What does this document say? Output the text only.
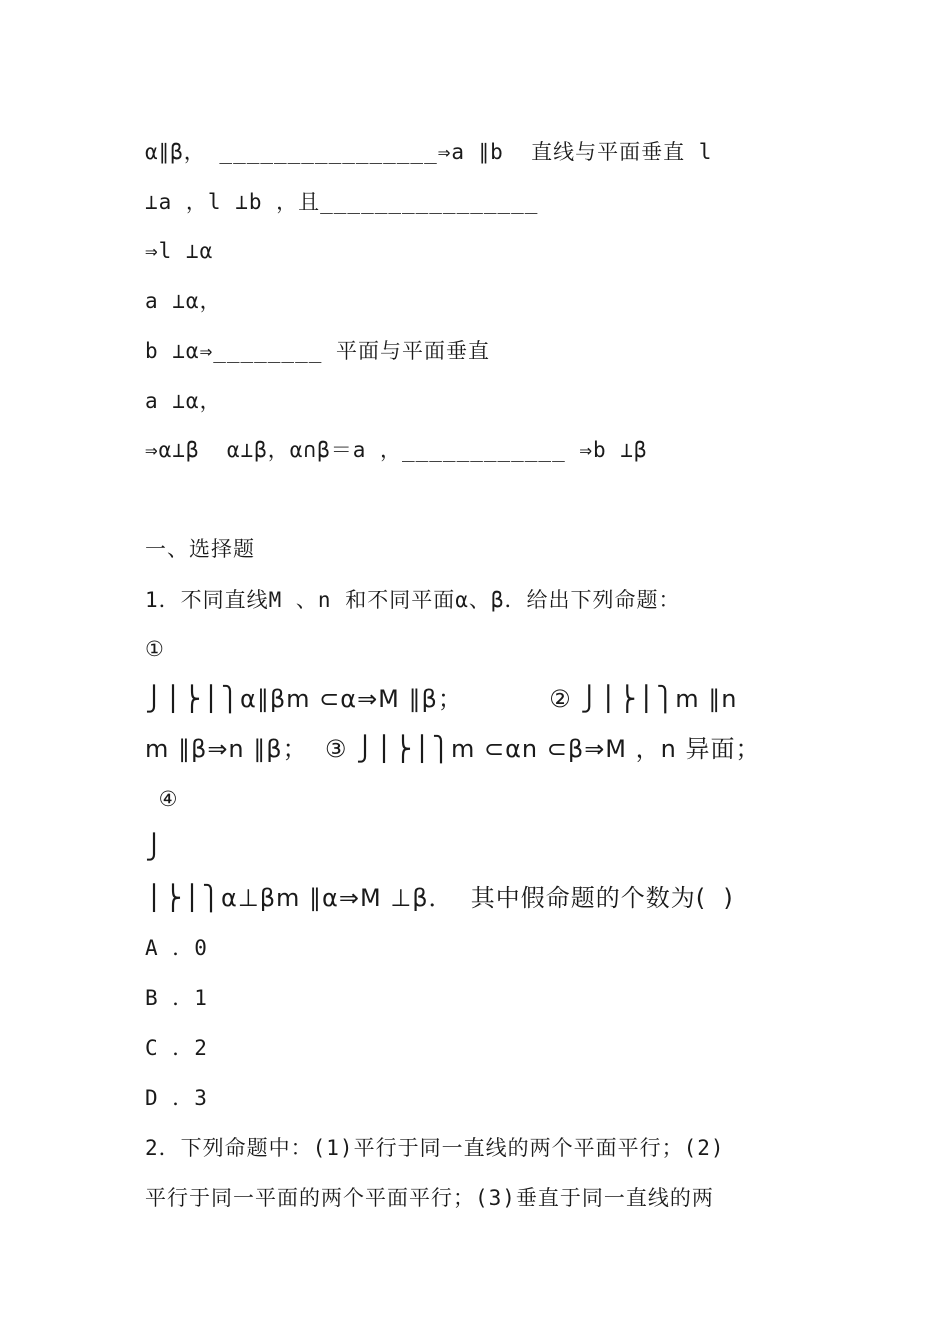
α∥β， ________________⇒a ∥b  直线与平面垂直 l
⊥a ，l ⊥b ，且________________
⇒l ⊥α
a ⊥α，
b ⊥α⇒________ 平面与平面垂直
a ⊥α，
⇒α⊥β  α⊥β，α∩β＝a ，____________ ⇒b ⊥β
一、选择题
1．不同直线M 、n 和不同平面α、β．给出下列命题：
①
⎭⎪⎬⎪⎫α∥βm ⊂α⇒M ∥β；          ② ⎭⎪⎬⎪⎫m ∥n
m ∥β⇒n ∥β；  ③ ⎭⎪⎬⎪⎫m ⊂αn ⊂β⇒M ，n 异面；
④
⎭
⎪⎬⎪⎫α⊥βm ∥α⇒M ⊥β．  其中假命题的个数为(  )
A ．0
B ．1
C ．2
D ．3
2．下列命题中：(1)平行于同一直线的两个平面平行；(2)
平行于同一平面的两个平面平行；(3)垂直于同一直线的两
